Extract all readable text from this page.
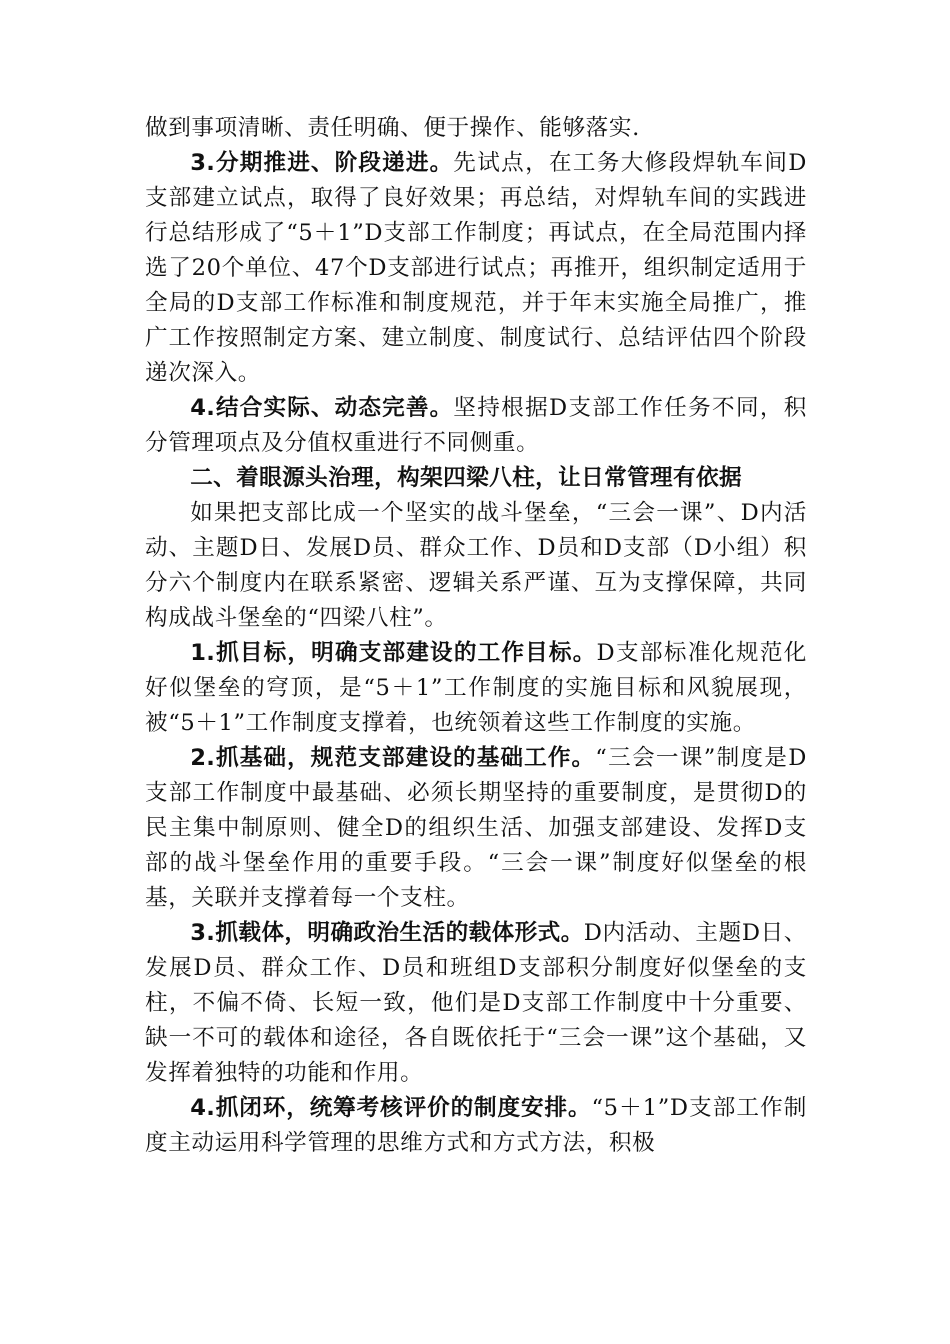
做到事项清晰、责任明确、便于操作、能够落实.

3.分期推进、阶段递进。先试点，在工务大修段焊轨车间D支部建立试点，取得了良好效果；再总结，对焊轨车间的实践进行总结形成了“5＋1”D支部工作制度；再试点，在全局范围内择选了20个单位、47个D支部进行试点；再推开，组织制定适用于全局的D支部工作标准和制度规范，并于年末实施全局推广，推广工作按照制定方案、建立制度、制度试行、总结评估四个阶段递次深入。

4.结合实际、动态完善。坚持根据D支部工作任务不同，积分管理项点及分值权重进行不同侧重。

二、着眼源头治理，构架四梁八柱，让日常管理有依据

如果把支部比成一个坚实的战斗堡垒，“三会一课”、D内活动、主题D日、发展D员、群众工作、D员和D支部（D小组）积分六个制度内在联系紧密、逻辑关系严谨、互为支撑保障，共同构成战斗堡垒的“四梁八柱”。

1.抓目标，明确支部建设的工作目标。D支部标准化规范化好似堡垒的穹顶，是“5＋1”工作制度的实施目标和风貌展现，被“5＋1”工作制度支撑着，也统领着这些工作制度的实施。

2.抓基础，规范支部建设的基础工作。“三会一课”制度是D支部工作制度中最基础、必须长期坚持的重要制度，是贯彻D的民主集中制原则、健全D的组织生活、加强支部建设、发挥D支部的战斗堡垒作用的重要手段。“三会一课”制度好似堡垒的根基，关联并支撑着每一个支柱。

3.抓载体，明确政治生活的载体形式。D内活动、主题D日、发展D员、群众工作、D员和班组D支部积分制度好似堡垒的支柱，不偏不倚、长短一致，他们是D支部工作制度中十分重要、缺一不可的载体和途径，各自既依托于“三会一课”这个基础，又发挥着独特的功能和作用。

4.抓闭环，统筹考核评价的制度安排。“5＋1”D支部工作制度主动运用科学管理的思维方式和方式方法，积极
